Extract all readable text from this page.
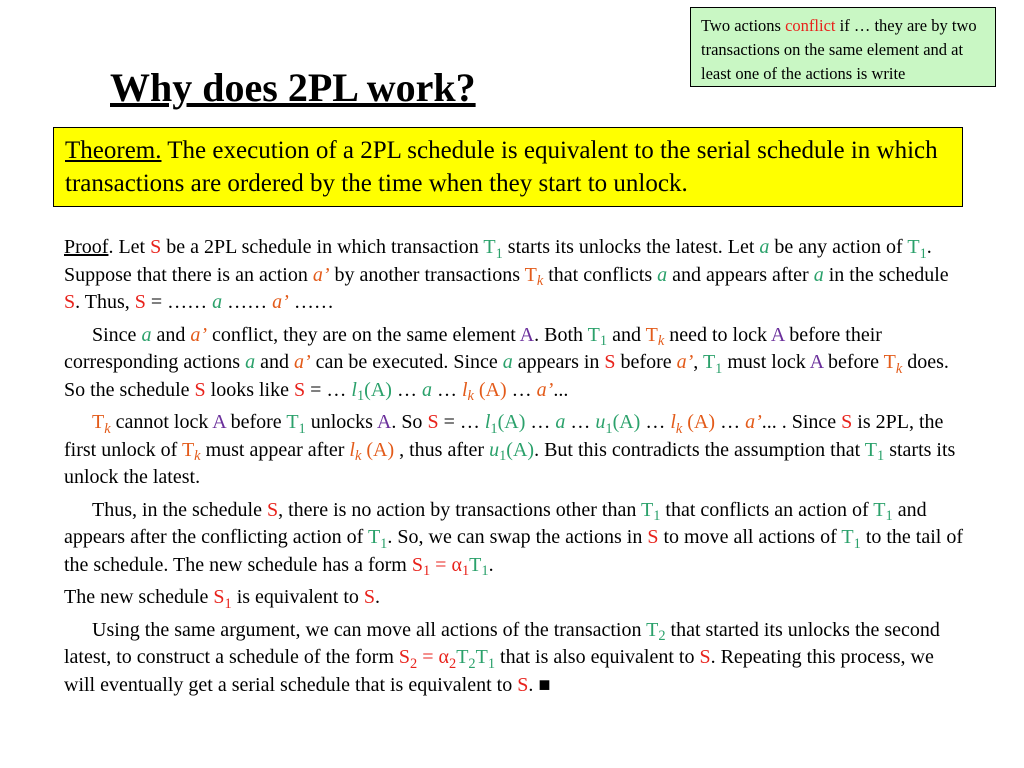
Two actions conflict if … they are by two transactions on the same element and at least one of the actions is write
Why does 2PL work?
Theorem. The execution of a 2PL schedule is equivalent to the serial schedule in which transactions are ordered by the time when they start to unlock.

Proof. Let S be a 2PL schedule in which transaction $T_1$ starts its unlocks the latest. Let a be any action of $T_1$. Suppose that there is an action a’ by another transactions $T_k$ that conflicts a and appears after a in the schedule S. Thus, S = …… a …… a’ ……

Since a and a’ conflict, they are on the same element A. Both $T_1$ and $T_k$ need to lock A before their corresponding actions a and a’ can be executed. Since a appears in S before a’, $T_1$ must lock A before $T_k$ does. So the schedule S looks like S = … $l_1(A)$ … a … $l_k$ (A) … a’...

$T_k$ cannot lock A before $T_1$ unlocks A. So S = … $l_1(A)$ … a … $u_1(A)$ … $l_k$ (A) … a’... . Since S is 2PL, the first unlock of $T_k$ must appear after $l_k$ (A) , thus after $u_1(A)$. But this contradicts the assumption that $T_1$ starts its unlock the latest.

Thus, in the schedule S, there is no action by transactions other than $T_1$ that conflicts an action of $T_1$ and appears after the conflicting action of $T_1$. So, we can swap the actions in S to move all actions of $T_1$ to the tail of the schedule. The new schedule has a form $S_1 = \alpha_1T_1$.

The new schedule $S_1$ is equivalent to S.

Using the same argument, we can move all actions of the transaction $T_2$ that started its unlocks the second latest, to construct a schedule of the form $S_2 = \alpha_2T_2T_1$ that is also equivalent to S. Repeating this process, we will eventually get a serial schedule that is equivalent to S. ■
